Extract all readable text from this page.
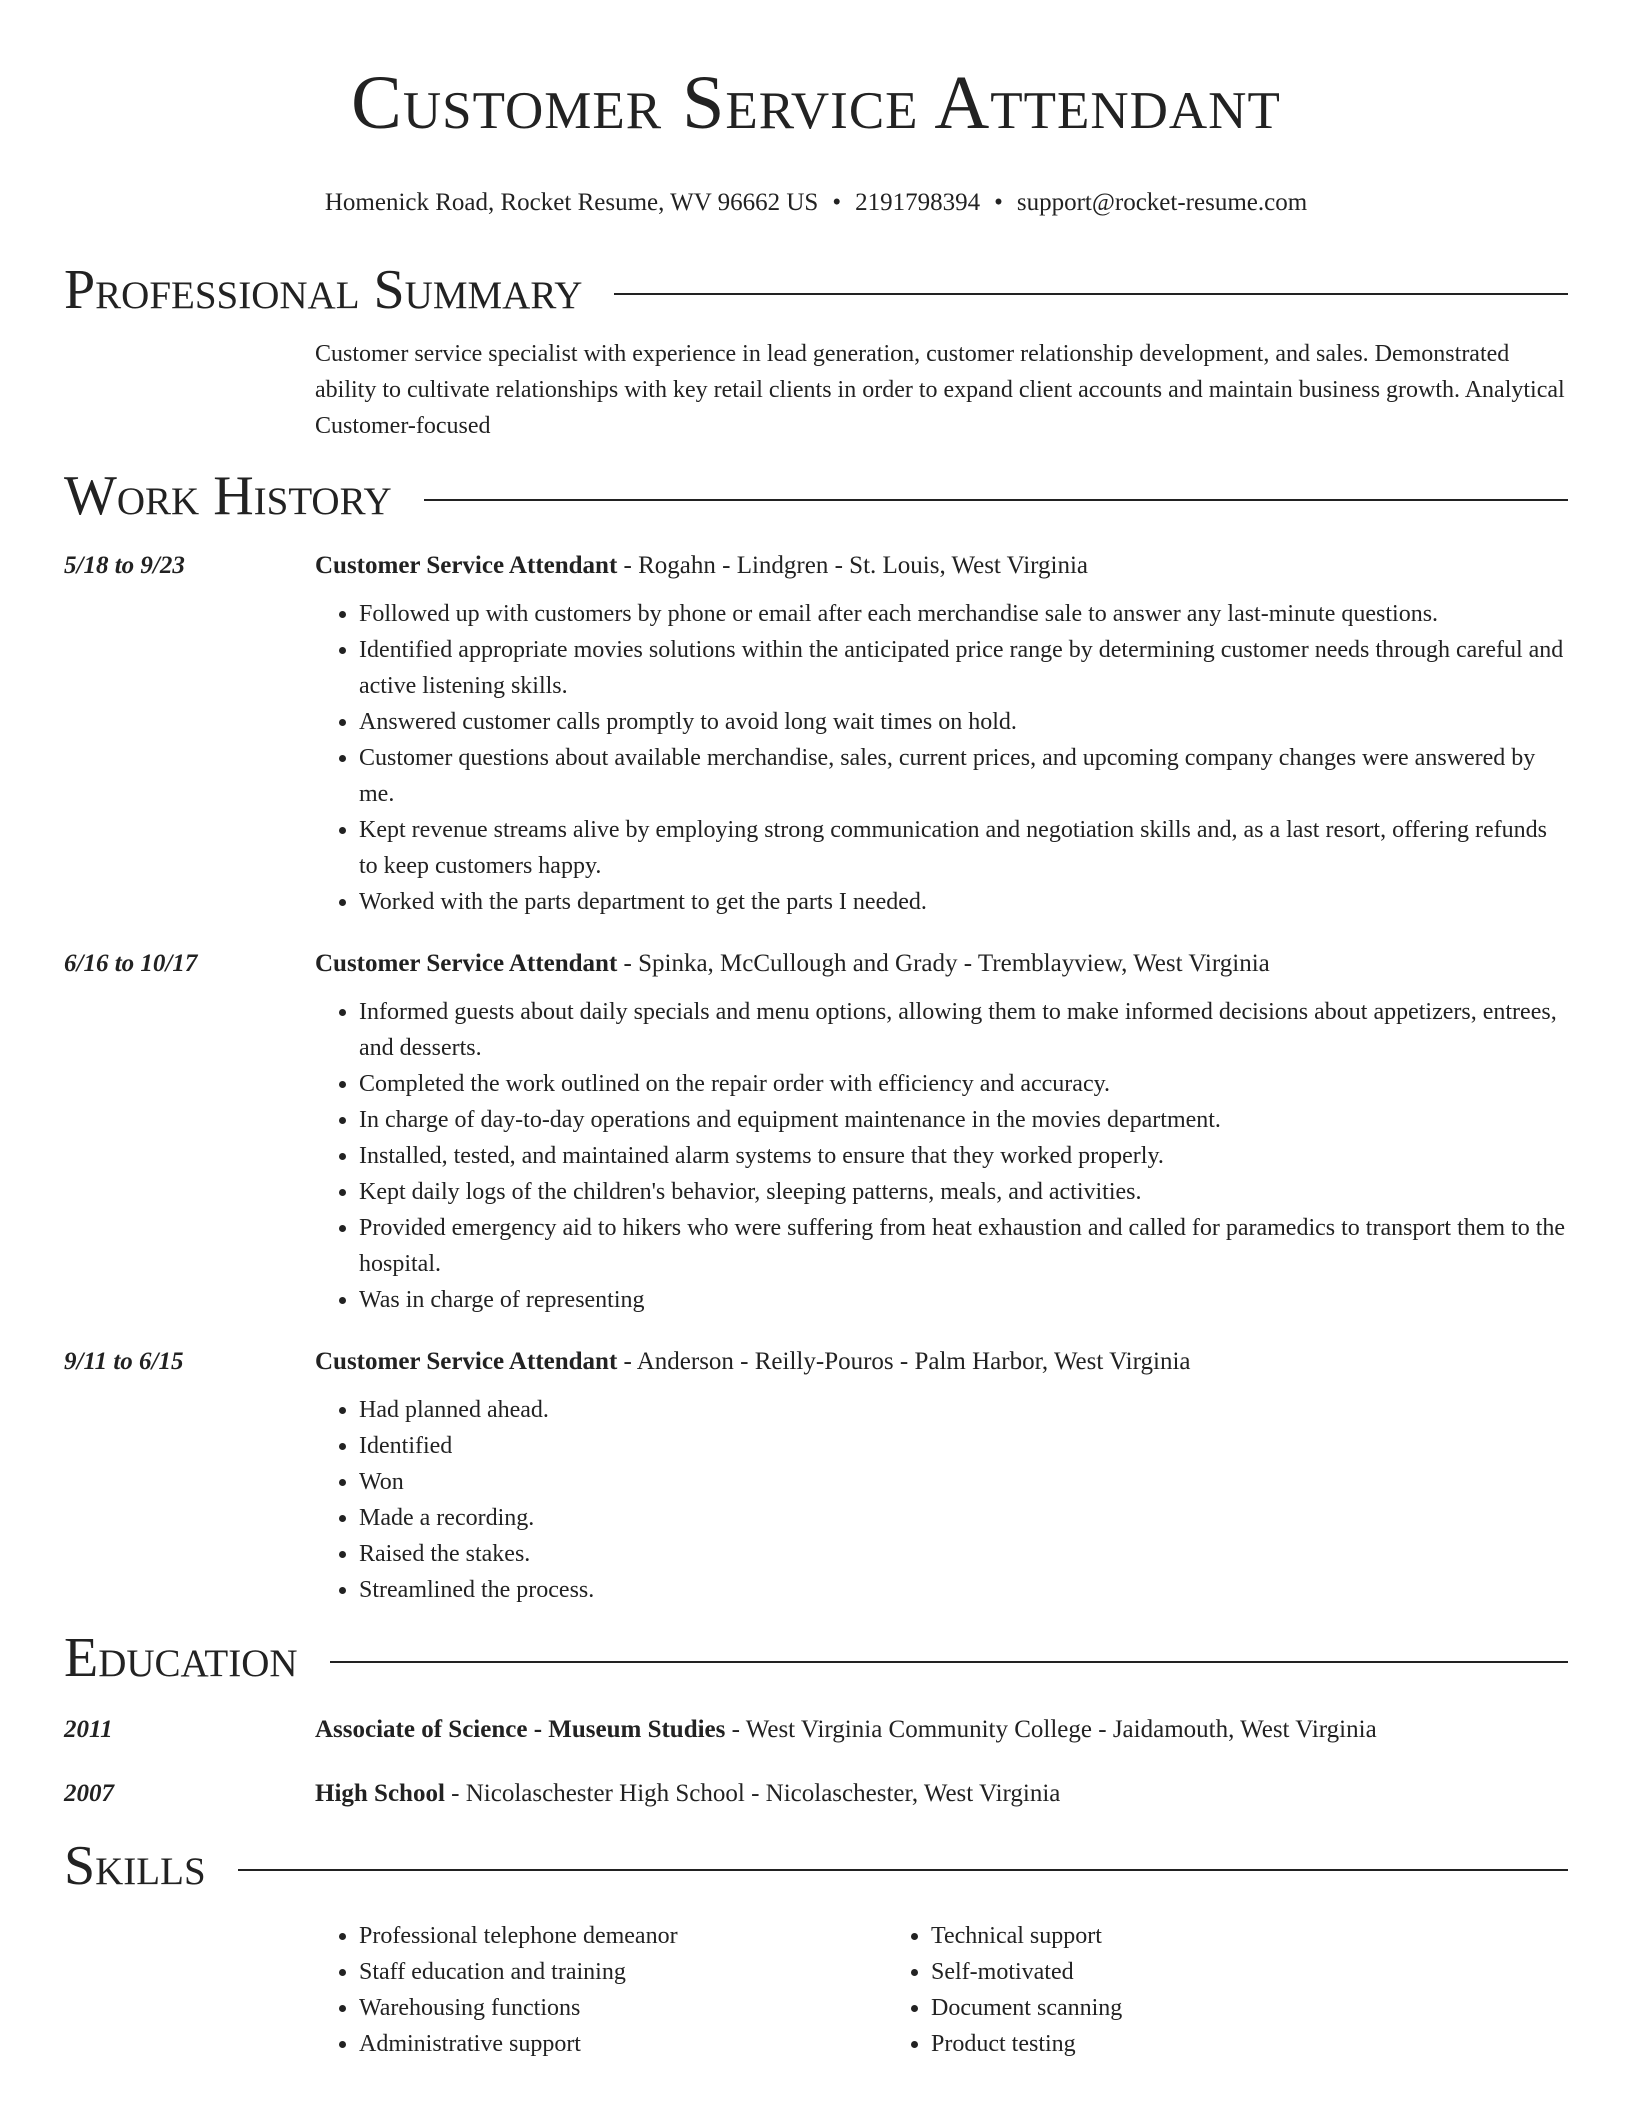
Customer Service Attendant
Homenick Road, Rocket Resume, WV 96662 US • 2191798394 • support@rocket-resume.com
Professional Summary
Customer service specialist with experience in lead generation, customer relationship development, and sales. Demonstrated ability to cultivate relationships with key retail clients in order to expand client accounts and maintain business growth. Analytical Customer-focused
Work History
5/18 to 9/23	Customer Service Attendant - Rogahn - Lindgren - St. Louis, West Virginia
• Followed up with customers by phone or email after each merchandise sale to answer any last-minute questions.
• Identified appropriate movies solutions within the anticipated price range by determining customer needs through careful and active listening skills.
• Answered customer calls promptly to avoid long wait times on hold.
• Customer questions about available merchandise, sales, current prices, and upcoming company changes were answered by me.
• Kept revenue streams alive by employing strong communication and negotiation skills and, as a last resort, offering refunds to keep customers happy.
• Worked with the parts department to get the parts I needed.
6/16 to 10/17	Customer Service Attendant - Spinka, McCullough and Grady - Tremblayview, West Virginia
• Informed guests about daily specials and menu options, allowing them to make informed decisions about appetizers, entrees, and desserts.
• Completed the work outlined on the repair order with efficiency and accuracy.
• In charge of day-to-day operations and equipment maintenance in the movies department.
• Installed, tested, and maintained alarm systems to ensure that they worked properly.
• Kept daily logs of the children's behavior, sleeping patterns, meals, and activities.
• Provided emergency aid to hikers who were suffering from heat exhaustion and called for paramedics to transport them to the hospital.
• Was in charge of representing
9/11 to 6/15	Customer Service Attendant - Anderson - Reilly-Pouros - Palm Harbor, West Virginia
• Had planned ahead.
• Identified
• Won
• Made a recording.
• Raised the stakes.
• Streamlined the process.
Education
2011	Associate of Science - Museum Studies - West Virginia Community College - Jaidamouth, West Virginia
2007	High School - Nicolaschester High School - Nicolaschester, West Virginia
Skills
• Professional telephone demeanor
• Staff education and training
• Warehousing functions
• Administrative support
• Technical support
• Self-motivated
• Document scanning
• Product testing
